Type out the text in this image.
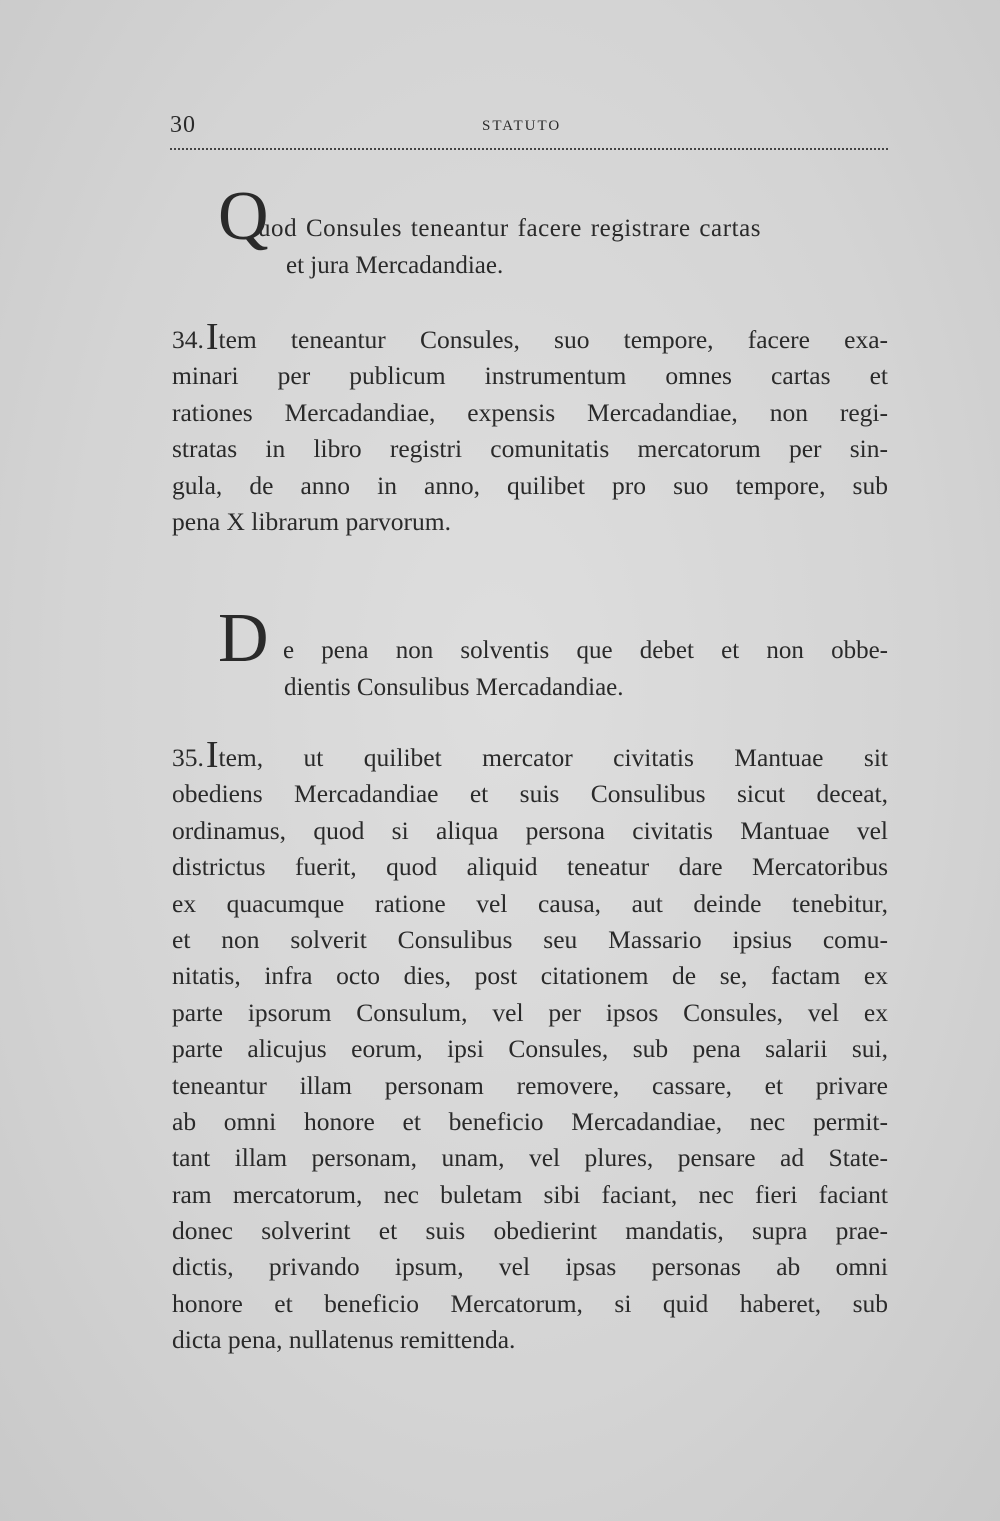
30	STATUTO
Q
uod Consules teneantur facere registrare cartas
et jura Mercadandiae.
34. I tem teneantur Consules, suo tempore, facere exa-
minari per publicum instrumentum omnes cartas et
rationes Mercadandiae, expensis Mercadandiae, non regi-
stratas in libro registri comunitatis mercatorum per sin-
gula, de anno in anno, quilibet pro suo tempore, sub
pena X librarum parvorum.
D e pena non solventis que debet et non obbe-
dientis Consulibus Mercadandiae.
35. I tem, ut quilibet mercator civitatis Mantuae sit
obediens Mercadandiae et suis Consulibus sicut deceat,
ordinamus, quod si aliqua persona civitatis Mantuae vel
districtus fuerit, quod aliquid teneatur dare Mercatoribus
ex quacumque ratione vel causa, aut deinde tenebitur,
et non solverit Consulibus seu Massario ipsius comu-
nitatis, infra octo dies, post citationem de se, factam ex
parte ipsorum Consulum, vel per ipsos Consules, vel ex
parte alicujus eorum, ipsi Consules, sub pena salarii sui,
teneantur illam personam removere, cassare, et privare
ab omni honore et beneficio Mercadandiae, nec permit-
tant illam personam, unam, vel plures, pensare ad State-
ram mercatorum, nec buletam sibi faciant, nec fieri faciant
donec solverint et suis obedierint mandatis, supra prae-
dictis, privando ipsum, vel ipsas personas ab omni
honore et beneficio Mercatorum, si quid haberet, sub
dicta pena, nullatenus remittenda.
